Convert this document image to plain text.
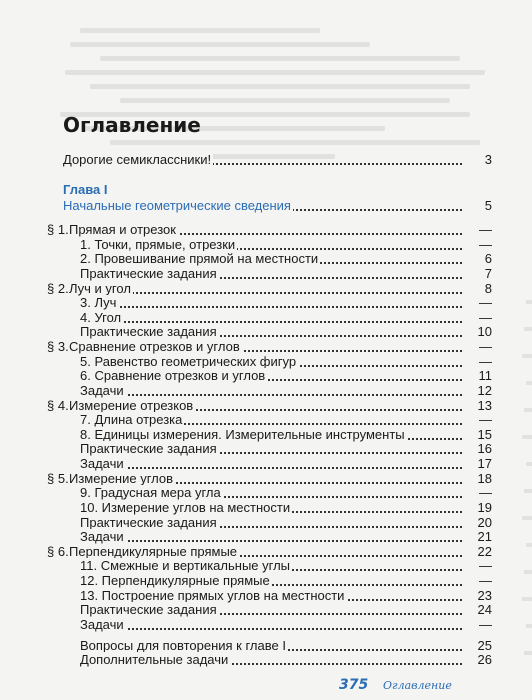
Оглавление
Дорогие семиклассники!	3
Глава I
Начальные геометрические сведения	5
§ 1. Прямая и отрезок	—
1. Точки, прямые, отрезки	—
2. Провешивание прямой на местности	6
Практические задания	7
§ 2. Луч и угол	8
3. Луч	—
4. Угол	—
Практические задания	10
§ 3. Сравнение отрезков и углов	—
5. Равенство геометрических фигур	—
6. Сравнение отрезков и углов	11
Задачи	12
§ 4. Измерение отрезков	13
7. Длина отрезка	—
8. Единицы измерения. Измерительные инструменты	15
Практические задания	16
Задачи	17
§ 5. Измерение углов	18
9. Градусная мера угла	—
10. Измерение углов на местности	19
Практические задания	20
Задачи	21
§ 6. Перпендикулярные прямые	22
11. Смежные и вертикальные углы	—
12. Перпендикулярные прямые	—
13. Построение прямых углов на местности	23
Практические задания	24
Задачи	—
Вопросы для повторения к главе I	25
Дополнительные задачи	26
375 Оглавление
